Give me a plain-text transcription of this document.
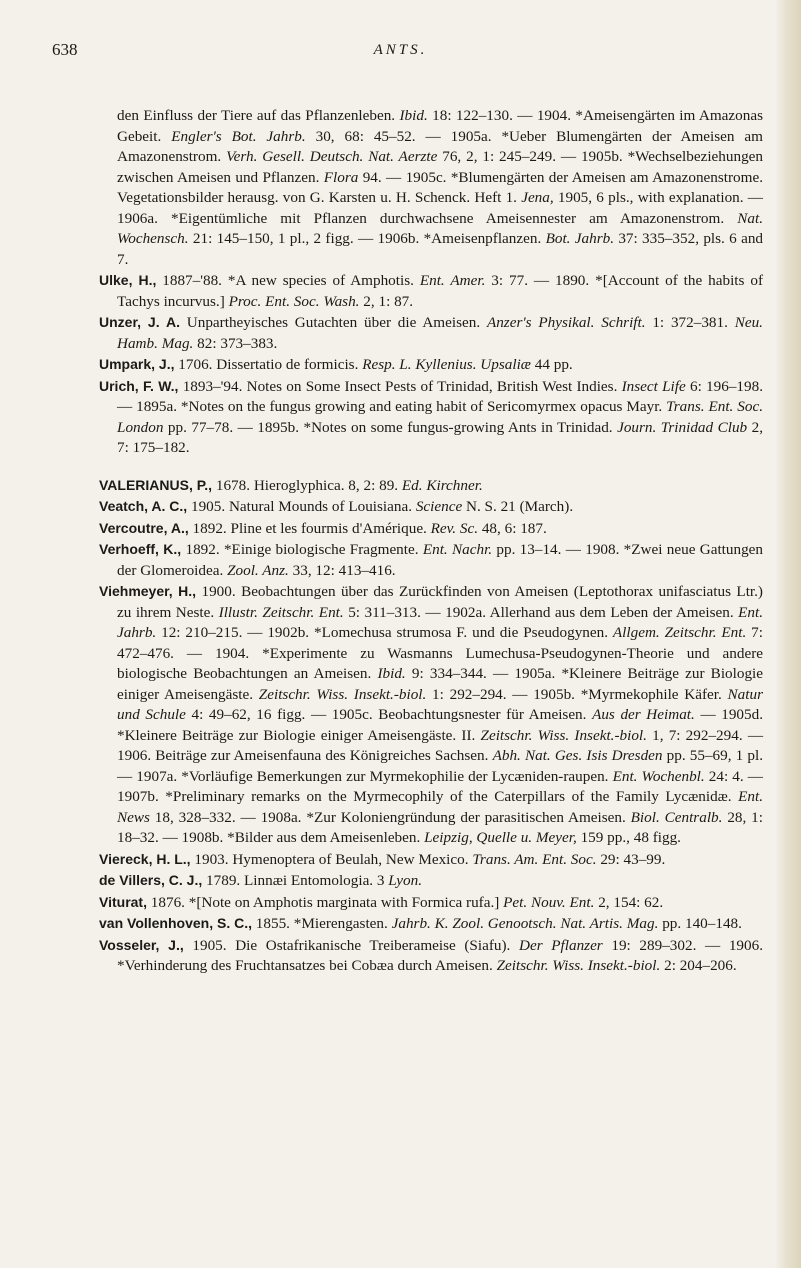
638	ANTS.

den Einfluss der Tiere auf das Pflanzenleben. Ibid. 18: 122–130. — 1904. *Ameisengärten im Amazonas Gebeit. Engler's Bot. Jahrb. 30, 68: 45–52. — 1905a. *Ueber Blumengärten der Ameisen am Amazonenstrom. Verh. Gesell. Deutsch. Nat. Aerzte 76, 2, 1: 245–249. — 1905b. *Wechselbeziehungen zwischen Ameisen und Pflanzen. Flora 94. — 1905c. *Blumengärten der Ameisen am Amazonenstrome. Vegetationsbilder herausg. von G. Karsten u. H. Schenck. Heft 1. Jena, 1905, 6 pls., with explanation. — 1906a. *Eigentümliche mit Pflanzen durchwachsene Ameisennester am Amazonenstrom. Nat. Wochensch. 21: 145–150, 1 pl., 2 figg. — 1906b. *Ameisenpflanzen. Bot. Jahrb. 37: 335–352, pls. 6 and 7.

Ulke, H., 1887–'88. *A new species of Amphotis. Ent. Amer. 3: 77. — 1890. *[Account of the habits of Tachys incurvus.] Proc. Ent. Soc. Wash. 2, 1: 87.

Unzer, J. A. Unpartheyisches Gutachten über die Ameisen. Anzer's Physikal. Schrift. 1: 372–381. Neu. Hamb. Mag. 82: 373–383.

Umpark, J., 1706. Dissertatio de formicis. Resp. L. Kyllenius. Upsaliæ 44 pp.

Urich, F. W., 1893–'94. Notes on Some Insect Pests of Trinidad, British West Indies. Insect Life 6: 196–198. — 1895a. *Notes on the fungus growing and eating habit of Sericomyrmex opacus Mayr. Trans. Ent. Soc. London pp. 77–78. — 1895b. *Notes on some fungus-growing Ants in Trinidad. Journ. Trinidad Club 2, 7: 175–182.

VALERIANUS, P., 1678. Hieroglyphica. 8, 2: 89. Ed. Kirchner.

Veatch, A. C., 1905. Natural Mounds of Louisiana. Science N. S. 21 (March).

Vercoutre, A., 1892. Pline et les fourmis d'Amérique. Rev. Sc. 48, 6: 187.

Verhoeff, K., 1892. *Einige biologische Fragmente. Ent. Nachr. pp. 13–14. — 1908. *Zwei neue Gattungen der Glomeroidea. Zool. Anz. 33, 12: 413–416.

Viehmeyer, H., 1900. Beobachtungen über das Zurückfinden von Ameisen (Leptothorax unifasciatus Ltr.) zu ihrem Neste. Illustr. Zeitschr. Ent. 5: 311–313. — 1902a. Allerhand aus dem Leben der Ameisen. Ent. Jahrb. 12: 210–215. — 1902b. *Lomechusa strumosa F. und die Pseudogynen. Allgem. Zeitschr. Ent. 7: 472–476. — 1904. *Experimente zu Wasmanns Lumechusa-Pseudogynen-Theorie und andere biologische Beobachtungen an Ameisen. Ibid. 9: 334–344. — 1905a. *Kleinere Beiträge zur Biologie einiger Ameisengäste. Zeitschr. Wiss. Insekt.-biol. 1: 292–294. — 1905b. *Myrmekophile Käfer. Natur und Schule 4: 49–62, 16 figg. — 1905c. Beobachtungsnester für Ameisen. Aus der Heimat. — 1905d. *Kleinere Beiträge zur Biologie einiger Ameisengäste. II. Zeitschr. Wiss. Insekt.-biol. 1, 7: 292–294. — 1906. Beiträge zur Ameisenfauna des Königreiches Sachsen. Abh. Nat. Ges. Isis Dresden pp. 55–69, 1 pl. — 1907a. *Vorläufige Bemerkungen zur Myrmekophilie der Lycæniden-raupen. Ent. Wochenbl. 24: 4. — 1907b. *Preliminary remarks on the Myrmecophily of the Caterpillars of the Family Lycænidæ. Ent. News 18, 328–332. — 1908a. *Zur Koloniengründung der parasitischen Ameisen. Biol. Centralb. 28, 1: 18–32. — 1908b. *Bilder aus dem Ameisenleben. Leipzig, Quelle u. Meyer, 159 pp., 48 figg.

Viereck, H. L., 1903. Hymenoptera of Beulah, New Mexico. Trans. Am. Ent. Soc. 29: 43–99.

de Villers, C. J., 1789. Linnæi Entomologia. 3 Lyon.

Viturat, 1876. *[Note on Amphotis marginata with Formica rufa.] Pet. Nouv. Ent. 2, 154: 62.

van Vollenhoven, S. C., 1855. *Mierengasten. Jahrb. K. Zool. Genootsch. Nat. Artis. Mag. pp. 140–148.

Vosseler, J., 1905. Die Ostafrikanische Treiberameise (Siafu). Der Pflanzer 19: 289–302. — 1906. *Verhinderung des Fruchtansatzes bei Cobæa durch Ameisen. Zeitschr. Wiss. Insekt.-biol. 2: 204–206.
